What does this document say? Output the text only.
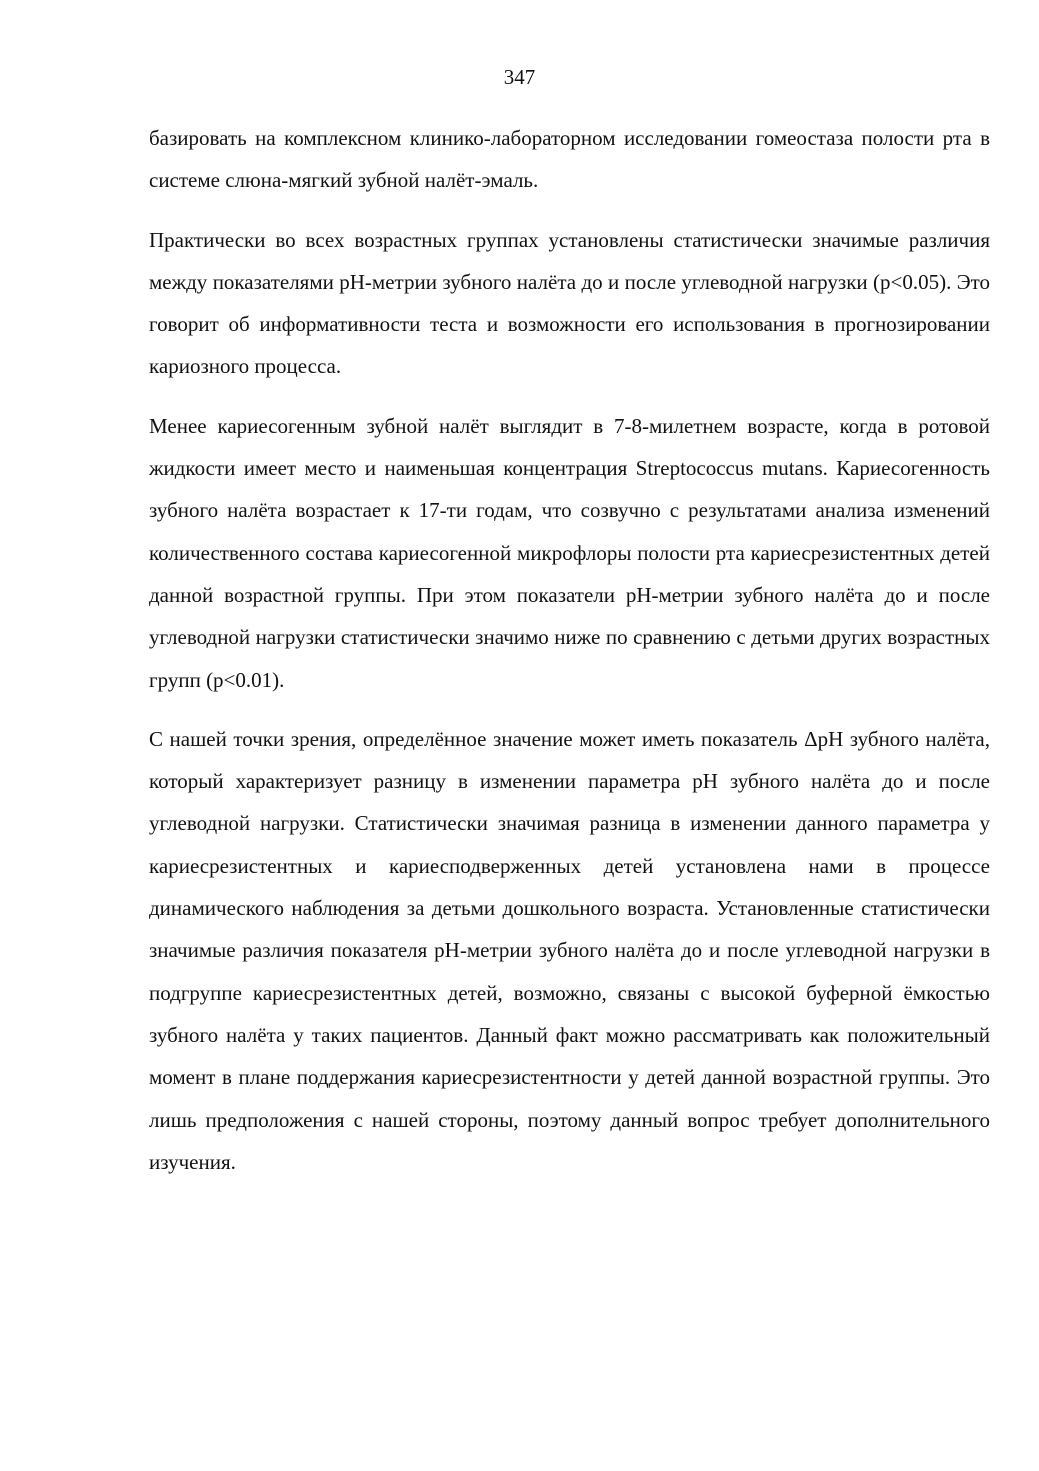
347

базировать на комплексном клинико-лабораторном исследовании гомеостаза полости рта в системе слюна-мягкий зубной налёт-эмаль.

Практически во всех возрастных группах установлены статистически значимые различия между показателями pH-метрии зубного налёта до и после углеводной нагрузки (p<0.05). Это говорит об информативности теста и возможности его использования в прогнозировании кариозного процесса.

Менее кариесогенным зубной налёт выглядит в 7-8-милетнем возрасте, когда в ротовой жидкости имеет место и наименьшая концентрация Streptococcus mutans. Кариесогенность зубного налёта возрастает к 17-ти годам, что созвучно с результатами анализа изменений количественного состава кариесогенной микрофлоры полости рта кариесрезистентных детей данной возрастной группы. При этом показатели pH-метрии зубного налёта до и после углеводной нагрузки статистически значимо ниже по сравнению с детьми других возрастных групп (p<0.01).

С нашей точки зрения, определённое значение может иметь показатель ΔpH зубного налёта, который характеризует разницу в изменении параметра pH зубного налёта до и после углеводной нагрузки. Статистически значимая разница в изменении данного параметра у кариесрезистентных и кариесподверженных детей установлена нами в процессе динамического наблюдения за детьми дошкольного возраста. Установленные статистически значимые различия показателя pH-метрии зубного налёта до и после углеводной нагрузки в подгруппе кариесрезистентных детей, возможно, связаны с высокой буферной ёмкостью зубного налёта у таких пациентов. Данный факт можно рассматривать как положительный момент в плане поддержания кариесрезистентности у детей данной возрастной группы. Это лишь предположения с нашей стороны, поэтому данный вопрос требует дополнительного изучения.
